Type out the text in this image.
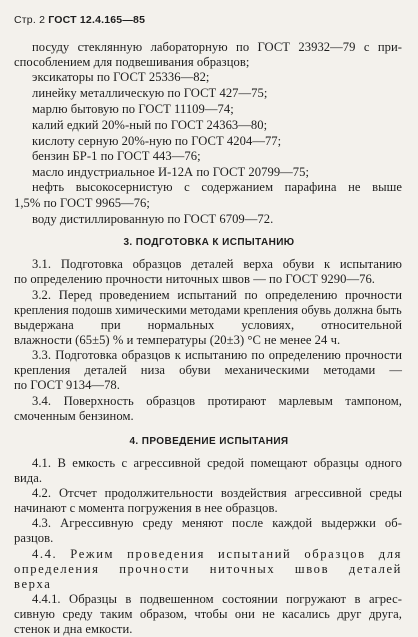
Стр. 2 ГОСТ 12.4.165—85
посуду стеклянную лабораторную по ГОСТ 23932—79 с при-
способлением для подвешивания образцов;
эксикаторы по ГОСТ 25336—82;
линейку металлическую по ГОСТ 427—75;
марлю бытовую по ГОСТ 11109—74;
калий едкий 20%-ный по ГОСТ 24363—80;
кислоту серную 20%-ную по ГОСТ 4204—77;
бензин БР-1 по ГОСТ 443—76;
масло индустриальное И-12А по ГОСТ 20799—75;
нефть высокосернистую с содержанием парафина не выше
1,5% по ГОСТ 9965—76;
воду дистиллированную по ГОСТ 6709—72.
3. ПОДГОТОВКА К ИСПЫТАНИЮ
3.1. Подготовка образцов деталей верха обуви к испытанию
по определению прочности ниточных швов — по ГОСТ 9290—76.
3.2. Перед проведением испытаний по определению прочности
крепления подошв химическими методами крепления обувь должна быть
выдержана при нормальных условиях, относительной
влажности (65±5) % и температуры (20±3) °С не менее 24 ч.
3.3. Подготовка образцов к испытанию по определению прочности
крепления деталей низа обуви механическими методами —
по ГОСТ 9134—78.
3.4. Поверхность образцов протирают марлевым тампоном,
смоченным бензином.
4. ПРОВЕДЕНИЕ ИСПЫТАНИЯ
4.1. В емкость с агрессивной средой помещают образцы одного
вида.
4.2. Отсчет продолжительности воздействия агрессивной среды
начинают с момента погружения в нее образцов.
4.3. Агрессивную среду меняют после каждой выдержки об-
разцов.
4.4. Режим проведения испытаний образцов для
определения прочности ниточных швов деталей
верха
4.4.1. Образцы в подвешенном состоянии погружают в агрес-
сивную среду таким образом, чтобы они не касались друг друга,
стенок и дна емкости.
